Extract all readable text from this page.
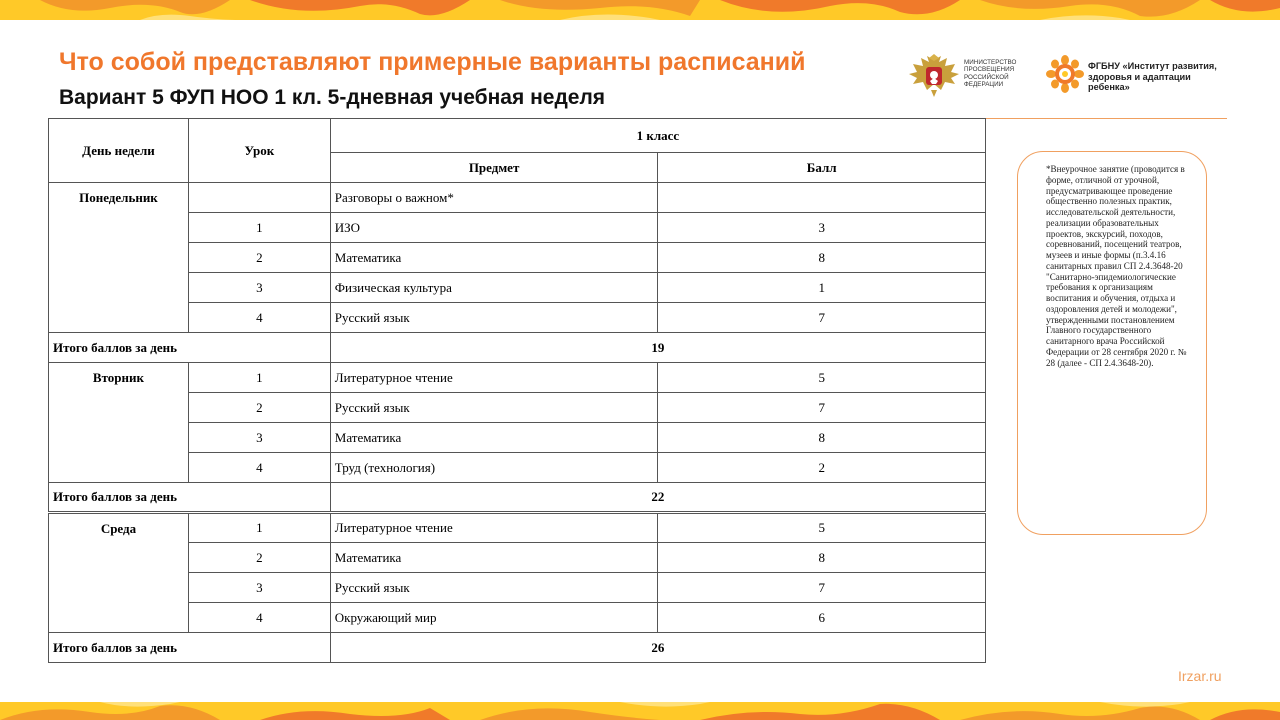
Что собой представляют примерные варианты расписаний
Вариант 5 ФУП НОО 1 кл. 5-дневная учебная неделя
МИНИСТЕРСТВО
ПРОСВЕЩЕНИЯ
РОССИЙСКОЙ
ФЕДЕРАЦИИ
ФГБНУ «Институт развития,
здоровья и адаптации
ребенка»
День недели	Урок	1 класс	
		Предмет	Балл
Понедельник		Разговоры о важном*	
	1	ИЗО	3
	2	Математика	8
	3	Физическая культура	1
	4	Русский язык	7
Итого баллов за день		19	
Вторник	1	Литературное чтение	5
	2	Русский язык	7
	3	Математика	8
	4	Труд (технология)	2
Итого баллов за день		22	
Среда	1	Литературное чтение	5
	2	Математика	8
	3	Русский язык	7
	4	Окружающий мир	6
Итого баллов за день		26	
*Внеурочное занятие (проводится в форме, отличной от урочной, предусматривающее проведение общественно полезных практик, исследовательской деятельности, реализации образовательных проектов, экскурсий, походов, соревнований, посещений театров, музеев и иные формы (п.3.4.16 санитарных правил СП 2.4.3648-20 "Санитарно-эпидемиологические требования к организациям воспитания и обучения, отдыха и оздоровления детей и молодежи", утвержденными постановлением Главного государственного санитарного врача Российской Федерации от 28 сентября 2020 г. № 28 (далее - СП 2.4.3648-20).
Irzar.ru
